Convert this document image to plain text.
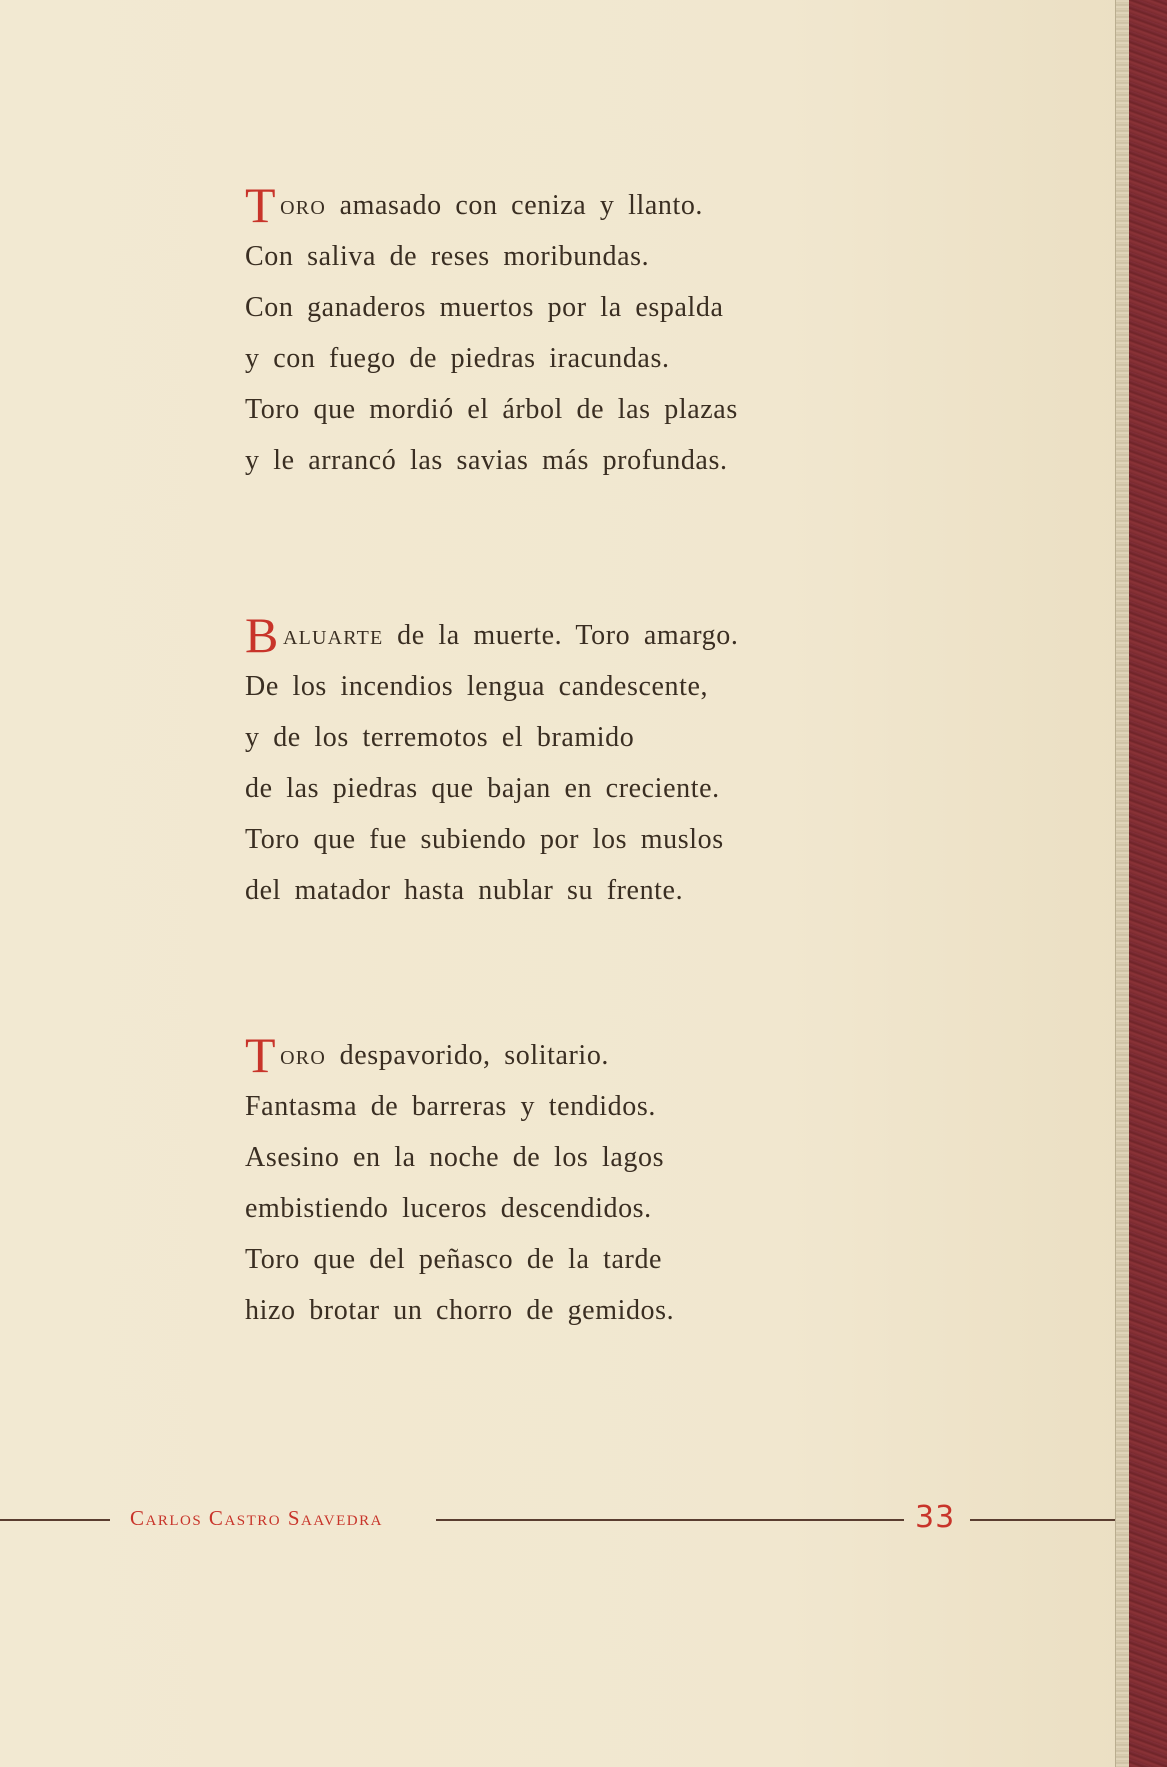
Toro amasado con ceniza y llanto.
Con saliva de reses moribundas.
Con ganaderos muertos por la espalda
y con fuego de piedras iracundas.
Toro que mordió el árbol de las plazas
y le arrancó las savias más profundas.
Baluarte de la muerte. Toro amargo.
De los incendios lengua candescente,
y de los terremotos el bramido
de las piedras que bajan en creciente.
Toro que fue subiendo por los muslos
del matador hasta nublar su frente.
Toro despavorido, solitario.
Fantasma de barreras y tendidos.
Asesino en la noche de los lagos
embistiendo luceros descendidos.
Toro que del peñasco de la tarde
hizo brotar un chorro de gemidos.
Carlos Castro Saavedra	33
